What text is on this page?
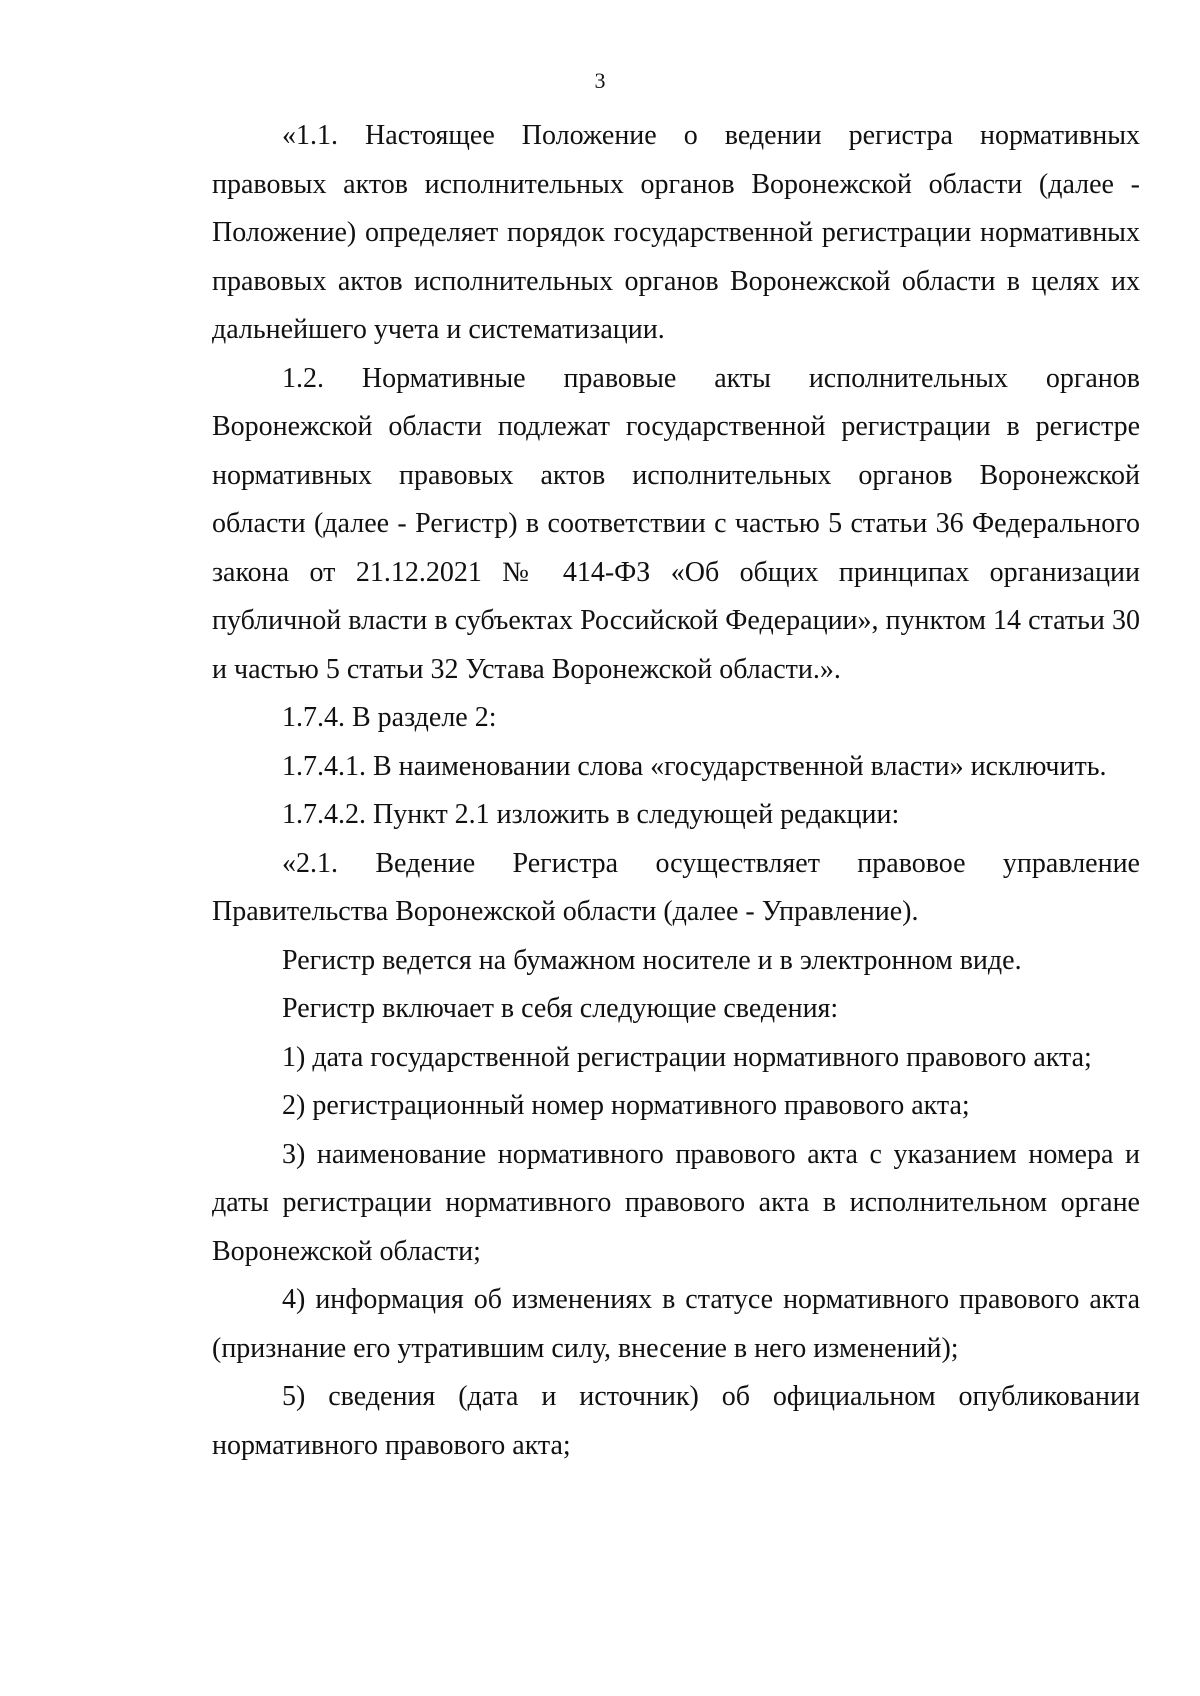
3

«1.1. Настоящее Положение о ведении регистра нормативных правовых актов исполнительных органов Воронежской области (далее - Положение) определяет порядок государственной регистрации нормативных правовых актов исполнительных органов Воронежской области в целях их дальнейшего учета и систематизации.

1.2. Нормативные правовые акты исполнительных органов Воронежской области подлежат государственной регистрации в регистре нормативных правовых актов исполнительных органов Воронежской области (далее - Регистр) в соответствии с частью 5 статьи 36 Федерального закона от 21.12.2021 № 414-ФЗ «Об общих принципах организации публичной власти в субъектах Российской Федерации», пунктом 14 статьи 30 и частью 5 статьи 32 Устава Воронежской области.».

1.7.4. В разделе 2:

1.7.4.1. В наименовании слова «государственной власти» исключить.

1.7.4.2. Пункт 2.1 изложить в следующей редакции:

«2.1. Ведение Регистра осуществляет правовое управление Правительства Воронежской области (далее - Управление).

Регистр ведется на бумажном носителе и в электронном виде.

Регистр включает в себя следующие сведения:

1) дата государственной регистрации нормативного правового акта;

2) регистрационный номер нормативного правового акта;

3) наименование нормативного правового акта с указанием номера и даты регистрации нормативного правового акта в исполнительном органе Воронежской области;

4) информация об изменениях в статусе нормативного правового акта (признание его утратившим силу, внесение в него изменений);

5) сведения (дата и источник) об официальном опубликовании нормативного правового акта;
